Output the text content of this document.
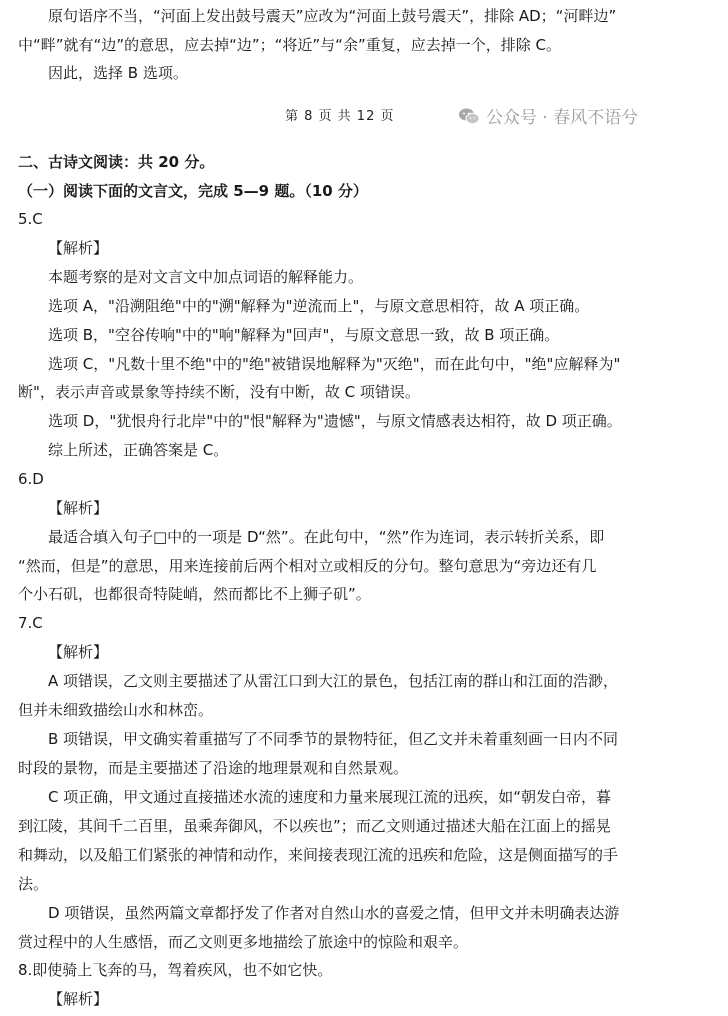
原句语序不当，“河面上发出鼓号震天”应改为“河面上鼓号震天”，排除 AD；“河畔边”
中“畔”就有“边”的意思，应去掉“边”；“将近”与“余”重复，应去掉一个，排除 C。
因此，选择 B 选项。
第 8 页 共 12 页	公众号 · 春风不语兮
二、古诗文阅读：共 20 分。
（一）阅读下面的文言文，完成 5—9 题。（10 分）
5.C
【解析】
本题考察的是对文言文中加点词语的解释能力。
选项 A，"沿溯阻绝"中的"溯"解释为"逆流而上"，与原文意思相符，故 A 项正确。
选项 B，"空谷传响"中的"响"解释为"回声"，与原文意思一致，故 B 项正确。
选项 C，"凡数十里不绝"中的"绝"被错误地解释为"灭绝"，而在此句中，"绝"应解释为"
断"，表示声音或景象等持续不断，没有中断，故 C 项错误。
选项 D，"犹恨舟行北岸"中的"恨"解释为"遗憾"，与原文情感表达相符，故 D 项正确。
综上所述，正确答案是 C。
6.D
【解析】
最适合填入句子□中的一项是 D“然”。在此句中，“然”作为连词，表示转折关系，即
“然而，但是”的意思，用来连接前后两个相对立或相反的分句。整句意思为“旁边还有几
个小石矶，也都很奇特陡峭，然而都比不上狮子矶”。
7.C
【解析】
A 项错误，乙文则主要描述了从雷江口到大江的景色，包括江南的群山和江面的浩渺，
但并未细致描绘山水和林峦。
B 项错误，甲文确实着重描写了不同季节的景物特征，但乙文并未着重刻画一日内不同
时段的景物，而是主要描述了沿途的地理景观和自然景观。
C 项正确，甲文通过直接描述水流的速度和力量来展现江流的迅疾，如“朝发白帝，暮
到江陵，其间千二百里，虽乘奔御风，不以疾也”；而乙文则通过描述大船在江面上的摇晃
和舞动，以及船工们紧张的神情和动作，来间接表现江流的迅疾和危险，这是侧面描写的手
法。
D 项错误，虽然两篇文章都抒发了作者对自然山水的喜爱之情，但甲文并未明确表达游
赏过程中的人生感悟，而乙文则更多地描绘了旅途中的惊险和艰辛。
8.即使骑上飞奔的马，驾着疾风，也不如它快。
【解析】
